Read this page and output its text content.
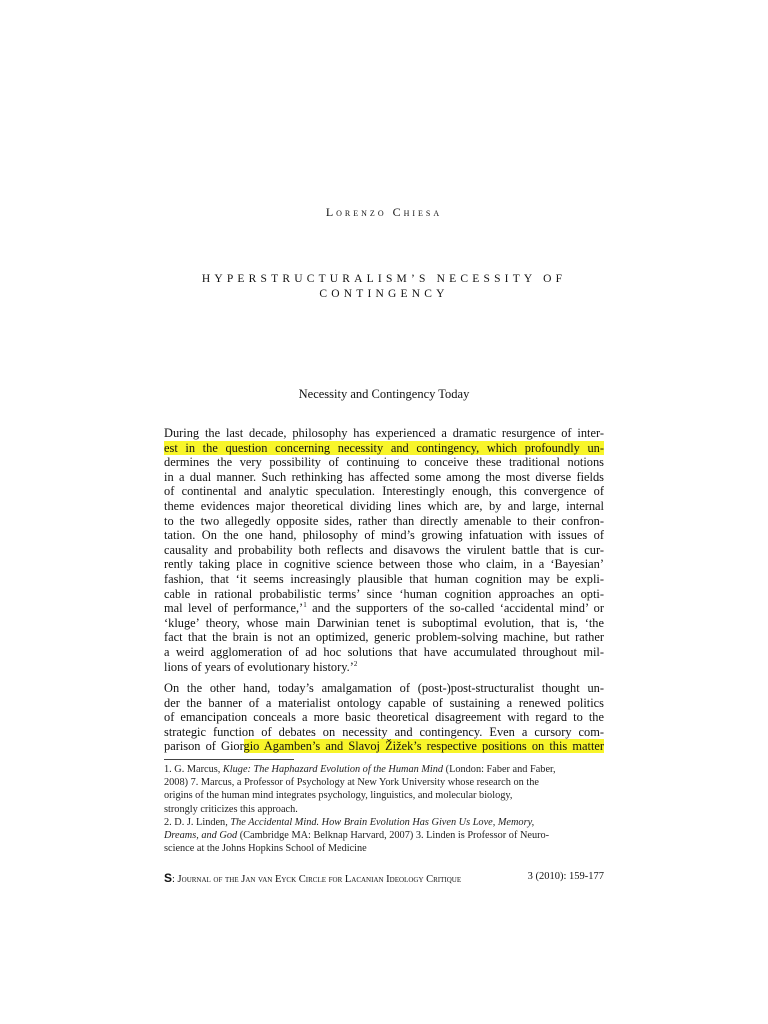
Lorenzo Chiesa
HYPERSTRUCTURALISM’S NECESSITY OF
CONTINGENCY
Necessity and Contingency Today
During the last decade, philosophy has experienced a dramatic resurgence of inter-
est in the question concerning necessity and contingency, which profoundly un-
dermines the very possibility of continuing to conceive these traditional notions
in a dual manner. Such rethinking has affected some among the most diverse fields
of continental and analytic speculation. Interestingly enough, this convergence of
theme evidences major theoretical dividing lines which are, by and large, internal
to the two allegedly opposite sides, rather than directly amenable to their confron-
tation. On the one hand, philosophy of mind’s growing infatuation with issues of
causality and probability both reflects and disavows the virulent battle that is cur-
rently taking place in cognitive science between those who claim, in a ‘Bayesian’
fashion, that ‘it seems increasingly plausible that human cognition may be expli-
cable in rational probabilistic terms’ since ‘human cognition approaches an opti-
mal level of performance,’$^1$ and the supporters of the so-called ‘accidental mind’ or
‘kluge’ theory, whose main Darwinian tenet is suboptimal evolution, that is, ‘the
fact that the brain is not an optimized, generic problem-solving machine, but rather
a weird agglomeration of ad hoc solutions that have accumulated throughout mil-
lions of years of evolutionary history.’$^2$
On the other hand, today’s amalgamation of (post-)post-structuralist thought un-
der the banner of a materialist ontology capable of sustaining a renewed politics
of emancipation conceals a more basic theoretical disagreement with regard to the
strategic function of debates on necessity and contingency. Even a cursory com-
parison of Giorgio Agamben’s and Slavoj Žižek’s respective positions on this matter
1. G. Marcus, Kluge: The Haphazard Evolution of the Human Mind (London: Faber and Faber,
2008) 7. Marcus, a Professor of Psychology at New York University whose research on the
origins of the human mind integrates psychology, linguistics, and molecular biology,
strongly criticizes this approach.
2. D. J. Linden, The Accidental Mind. How Brain Evolution Has Given Us Love, Memory,
Dreams, and God (Cambridge MA: Belknap Harvard, 2007) 3. Linden is Professor of Neuro-
science at the Johns Hopkins School of Medicine
S: Journal of the Jan van Eyck Circle for Lacanian Ideology Critique	3 (2010): 159-177
